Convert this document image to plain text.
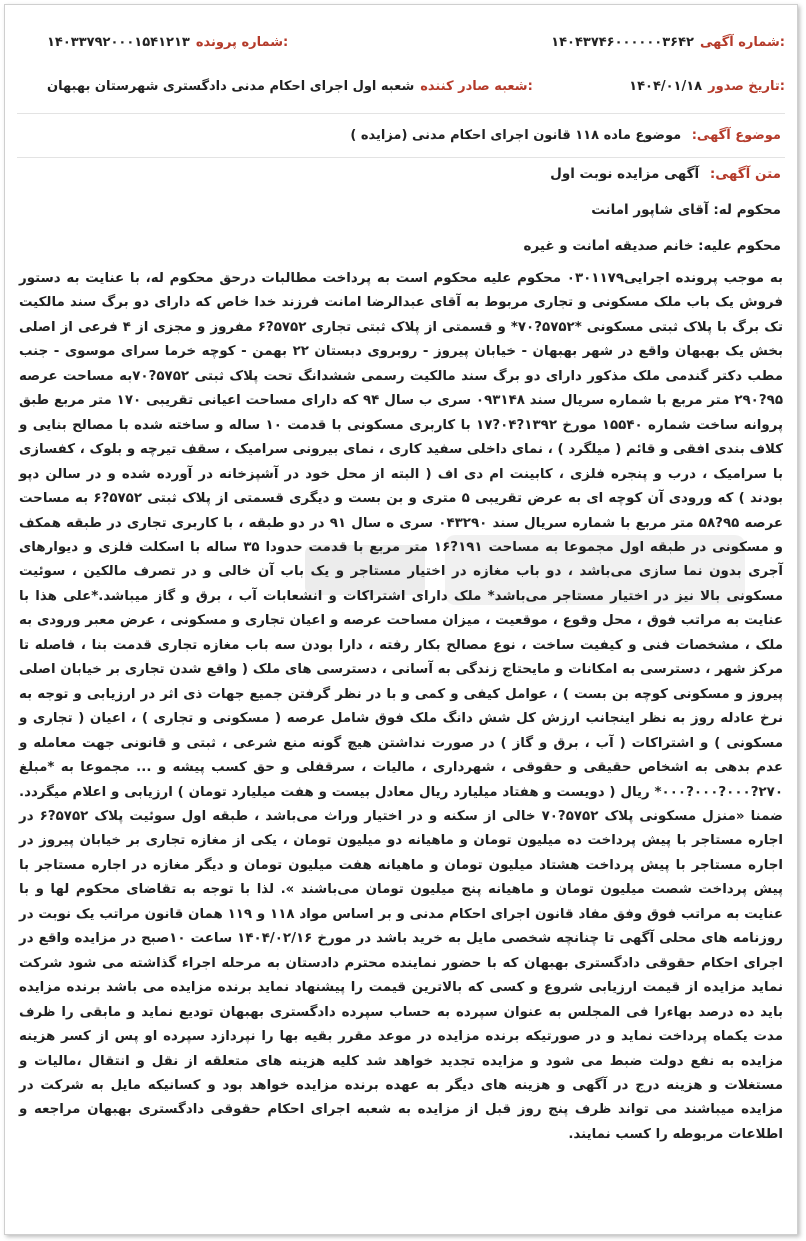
شماره آگهی:
۱۴۰۴۳۷۴۶۰۰۰۰۰۰۳۶۴۲
شماره پرونده:
۱۴۰۳۳۷۹۲۰۰۰۱۵۴۱۲۱۳
تاریخ صدور:
۱۴۰۴/۰۱/۱۸
شعبه صادر کننده:
شعبه اول اجرای احکام مدنی دادگستری شهرستان بهبهان
موضوع آگهی: موضوع ماده ۱۱۸ قانون اجرای احکام مدنی (مزایده )
متن آگهی: آگهی مزایده نوبت اول
محکوم له: آقای شاپور امانت
محکوم علیه: خانم صدیقه امانت و غیره
به موجب پرونده اجرایی۰۳۰۱۱۷۹ محکوم علیه محکوم است به پرداخت مطالبات درحق محکوم له، با عنایت به دستور فروش یک باب ملک مسکونی و تجاری مربوط به آقای عبدالرضا امانت فرزند خدا خاص که دارای دو برگ سند مالکیت تک برگ با پلاک ثبتی مسکونی *۵۷۵۲?۷۰* و قسمتی از پلاک ثبتی تجاری ۵۷۵۲?۶ مفروز و مجزی از ۴ فرعی از اصلی بخش یک بهبهان واقع در شهر بهبهان - خیابان پیروز - روبروی دبستان ۲۲ بهمن - کوچه خرما سرای موسوی - جنب مطب دکتر گندمی ملک مذکور دارای دو برگ سند مالکیت رسمی ششدانگ تحت پلاک ثبتی ۵۷۵۲?۷۰به مساحت عرصه ۹۵?۲۹۰ متر مربع با شماره سریال سند ۰۹۳۱۴۸ سری ب سال ۹۴ که دارای مساحت اعیانی تقریبی ۱۷۰ متر مربع طبق پروانه ساخت شماره ۱۵۵۴۰ مورخ ۱۳۹۲?۰۴?۱۷ با کاربری مسکونی با قدمت ۱۰ ساله و ساخته شده با مصالح بنایی و کلاف بندی افقی و قائم ( میلگرد ) ، نمای داخلی سفید کاری ، نمای بیرونی سرامیک ، سقف تیرچه و بلوک ، کفسازی با سرامیک ، درب و پنجره فلزی ، کابینت ام دی اف ( البته از محل خود در آشپزخانه در آورده شده و در سالن دپو بودند ) که ورودی آن کوچه ای به عرض تقریبی ۵ متری و بن بست و دیگری قسمتی از پلاک ثبتی ۵۷۵۲?۶ به مساحت عرصه ۹۵?۵۸ متر مربع با شماره سریال سند ۰۴۳۲۹۰ سری ه سال ۹۱ در دو طبقه ، با کاربری تجاری در طبقه همکف و مسکونی در طبقه اول مجموعا به مساحت ۱۹۱?۱۶ متر مربع با قدمت حدودا ۳۵ ساله با اسکلت فلزی و دیوارهای آجری بدون نما سازی می‌باشد ، دو باب مغازه در اختیار مستاجر و یک باب آن خالی و در تصرف مالکین ، سوئیت مسکونی بالا نیز در اختیار مستاجر می‌باشد* ملک دارای اشتراکات و انشعابات آب ، برق و گاز میباشد.*علی هذا با عنایت به مراتب فوق ، محل وقوع ، موقعیت ، میزان مساحت عرصه و اعیان تجاری و مسکونی ، عرض معبر ورودی به ملک ، مشخصات فنی و کیفیت ساخت ، نوع مصالح بکار رفته ، دارا بودن سه باب مغازه تجاری قدمت بنا ، فاصله تا مرکز شهر ، دسترسی به امکانات و مایحتاج زندگی به آسانی ، دسترسی های ملک ( واقع شدن تجاری بر خیابان اصلی پیروز و مسکونی کوچه بن بست ) ، عوامل کیفی و کمی و با در نظر گرفتن جمیع جهات ذی اثر در ارزیابی و توجه به نرخ عادله روز به نظر اینجانب ارزش کل شش دانگ ملک فوق شامل عرصه ( مسکونی و تجاری ) ، اعیان ( تجاری و مسکونی ) و اشتراکات ( آب ، برق و گاز ) در صورت نداشتن هیچ گونه منع شرعی ، ثبتی و قانونی جهت معامله و عدم بدهی به اشخاص حقیقی و حقوقی ، شهرداری ، مالیات ، سرقفلی و حق کسب پیشه و ... مجموعا به *مبلغ ۲۷۰?۰۰۰?۰۰۰?۰۰۰* ریال ( دویست و هفتاد میلیارد ریال معادل بیست و هفت میلیارد تومان ) ارزیابی و اعلام میگردد. ضمنا «منزل مسکونی پلاک ۵۷۵۲?۷۰ خالی از سکنه و در اختیار وراث می‌باشد ، طبقه اول سوئیت پلاک ۵۷۵۲?۶ در اجاره مستاجر با پیش پرداخت ده میلیون تومان و ماهیانه دو میلیون تومان ، یکی از مغازه تجاری بر خیابان پیروز در اجاره مستاجر با پیش پرداخت هشتاد میلیون تومان و ماهیانه هفت میلیون تومان و دیگر مغازه در اجاره مستاجر با پیش پرداخت شصت میلیون تومان و ماهیانه پنج میلیون تومان می‌باشند ». لذا با توجه به تقاضای محکوم لها و با عنایت به مراتب فوق وفق مفاد قانون اجرای احکام مدنی و بر اساس مواد ۱۱۸ و ۱۱۹ همان قانون مراتب یک نوبت در روزنامه های محلی آگهی تا چنانچه شخصی مایل به خرید باشد در مورخ ۱۴۰۴/۰۲/۱۶ ساعت ۱۰صبح در مزایده واقع در اجرای احکام حقوقی دادگستری بهبهان که با حضور نماینده محترم دادستان به مرحله اجراء گذاشته می شود شرکت نماید مزایده از قیمت ارزیابی شروع و کسی که بالاترین قیمت را پیشنهاد نماید برنده مزایده می باشد برنده مزایده باید ده درصد بهاءرا فی المجلس به عنوان سپرده به حساب سپرده دادگستری بهبهان تودیع نماید و مابقی را ظرف مدت یکماه پرداخت نماید و در صورتیکه برنده مزایده در موعد مقرر بقیه بها را نپردازد سپرده او پس از کسر هزینه مزایده به نفع دولت ضبط می شود و مزایده تجدید خواهد شد کلیه هزینه های متعلقه از نقل و انتقال ،مالیات و مستغلات و هزینه درج در آگهی و هزینه های دیگر به عهده برنده مزایده خواهد بود و کسانیکه مایل به شرکت در مزایده میباشند می تواند ظرف پنج روز قبل از مزایده به شعبه اجرای احکام حقوقی دادگستری بهبهان مراجعه و اطلاعات مربوطه را کسب نمایند.
